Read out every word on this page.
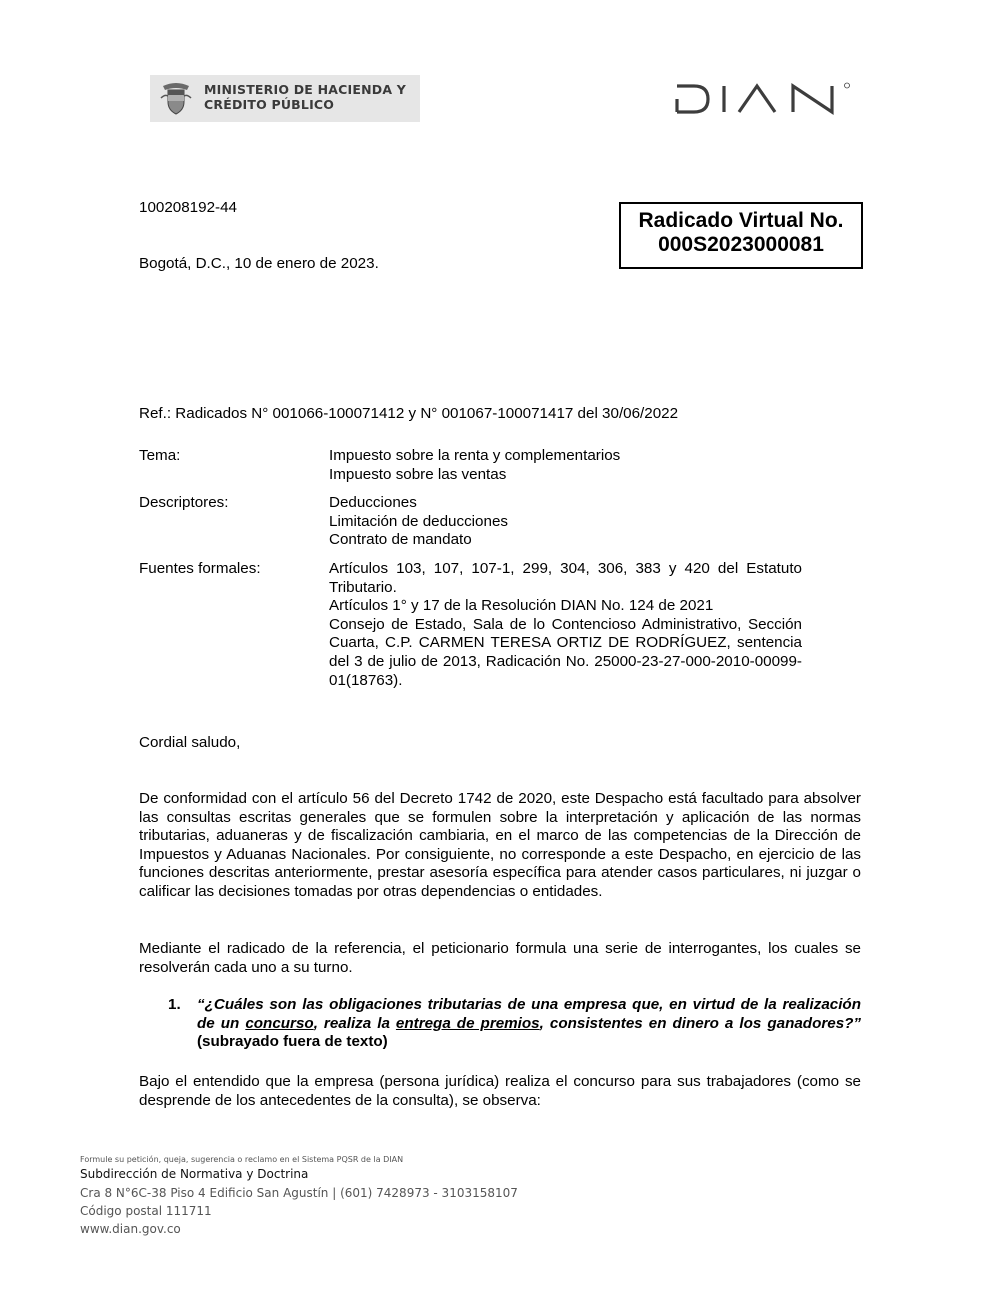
MINISTERIO DE HACIENDA Y
CRÉDITO PÚBLICO
100208192-44
Bogotá, D.C., 10 de enero de 2023.
Radicado Virtual No.
000S2023000081
Ref.: Radicados N° 001066-100071412 y N° 001067-100071417 del 30/06/2022
Tema:	Impuesto sobre la renta y complementarios
Impuesto sobre las ventas
Descriptores:	Deducciones
Limitación de deducciones
Contrato de mandato
Fuentes formales:	Artículos 103, 107, 107-1, 299, 304, 306, 383 y 420 del Estatuto Tributario.
Artículos 1° y 17 de la Resolución DIAN No. 124 de 2021
Consejo de Estado, Sala de lo Contencioso Administrativo, Sección Cuarta, C.P. CARMEN TERESA ORTIZ DE RODRÍGUEZ, sentencia del 3 de julio de 2013, Radicación No. 25000-23-27-000-2010-00099-01(18763).
Cordial saludo,
De conformidad con el artículo 56 del Decreto 1742 de 2020, este Despacho está facultado para absolver las consultas escritas generales que se formulen sobre la interpretación y aplicación de las normas tributarias, aduaneras y de fiscalización cambiaria, en el marco de las competencias de la Dirección de Impuestos y Aduanas Nacionales. Por consiguiente, no corresponde a este Despacho, en ejercicio de las funciones descritas anteriormente, prestar asesoría específica para atender casos particulares, ni juzgar o calificar las decisiones tomadas por otras dependencias o entidades.
Mediante el radicado de la referencia, el peticionario formula una serie de interrogantes, los cuales se resolverán cada uno a su turno.
1. “¿Cuáles son las obligaciones tributarias de una empresa que, en virtud de la realización de un concurso, realiza la entrega de premios, consistentes en dinero a los ganadores?” (subrayado fuera de texto)
Bajo el entendido que la empresa (persona jurídica) realiza el concurso para sus trabajadores (como se desprende de los antecedentes de la consulta), se observa:
Formule su petición, queja, sugerencia o reclamo en el Sistema PQSR de la DIAN
Subdirección de Normativa y Doctrina
Cra 8 N°6C-38 Piso 4 Edificio San Agustín | (601) 7428973 - 3103158107
Código postal 111711
www.dian.gov.co
